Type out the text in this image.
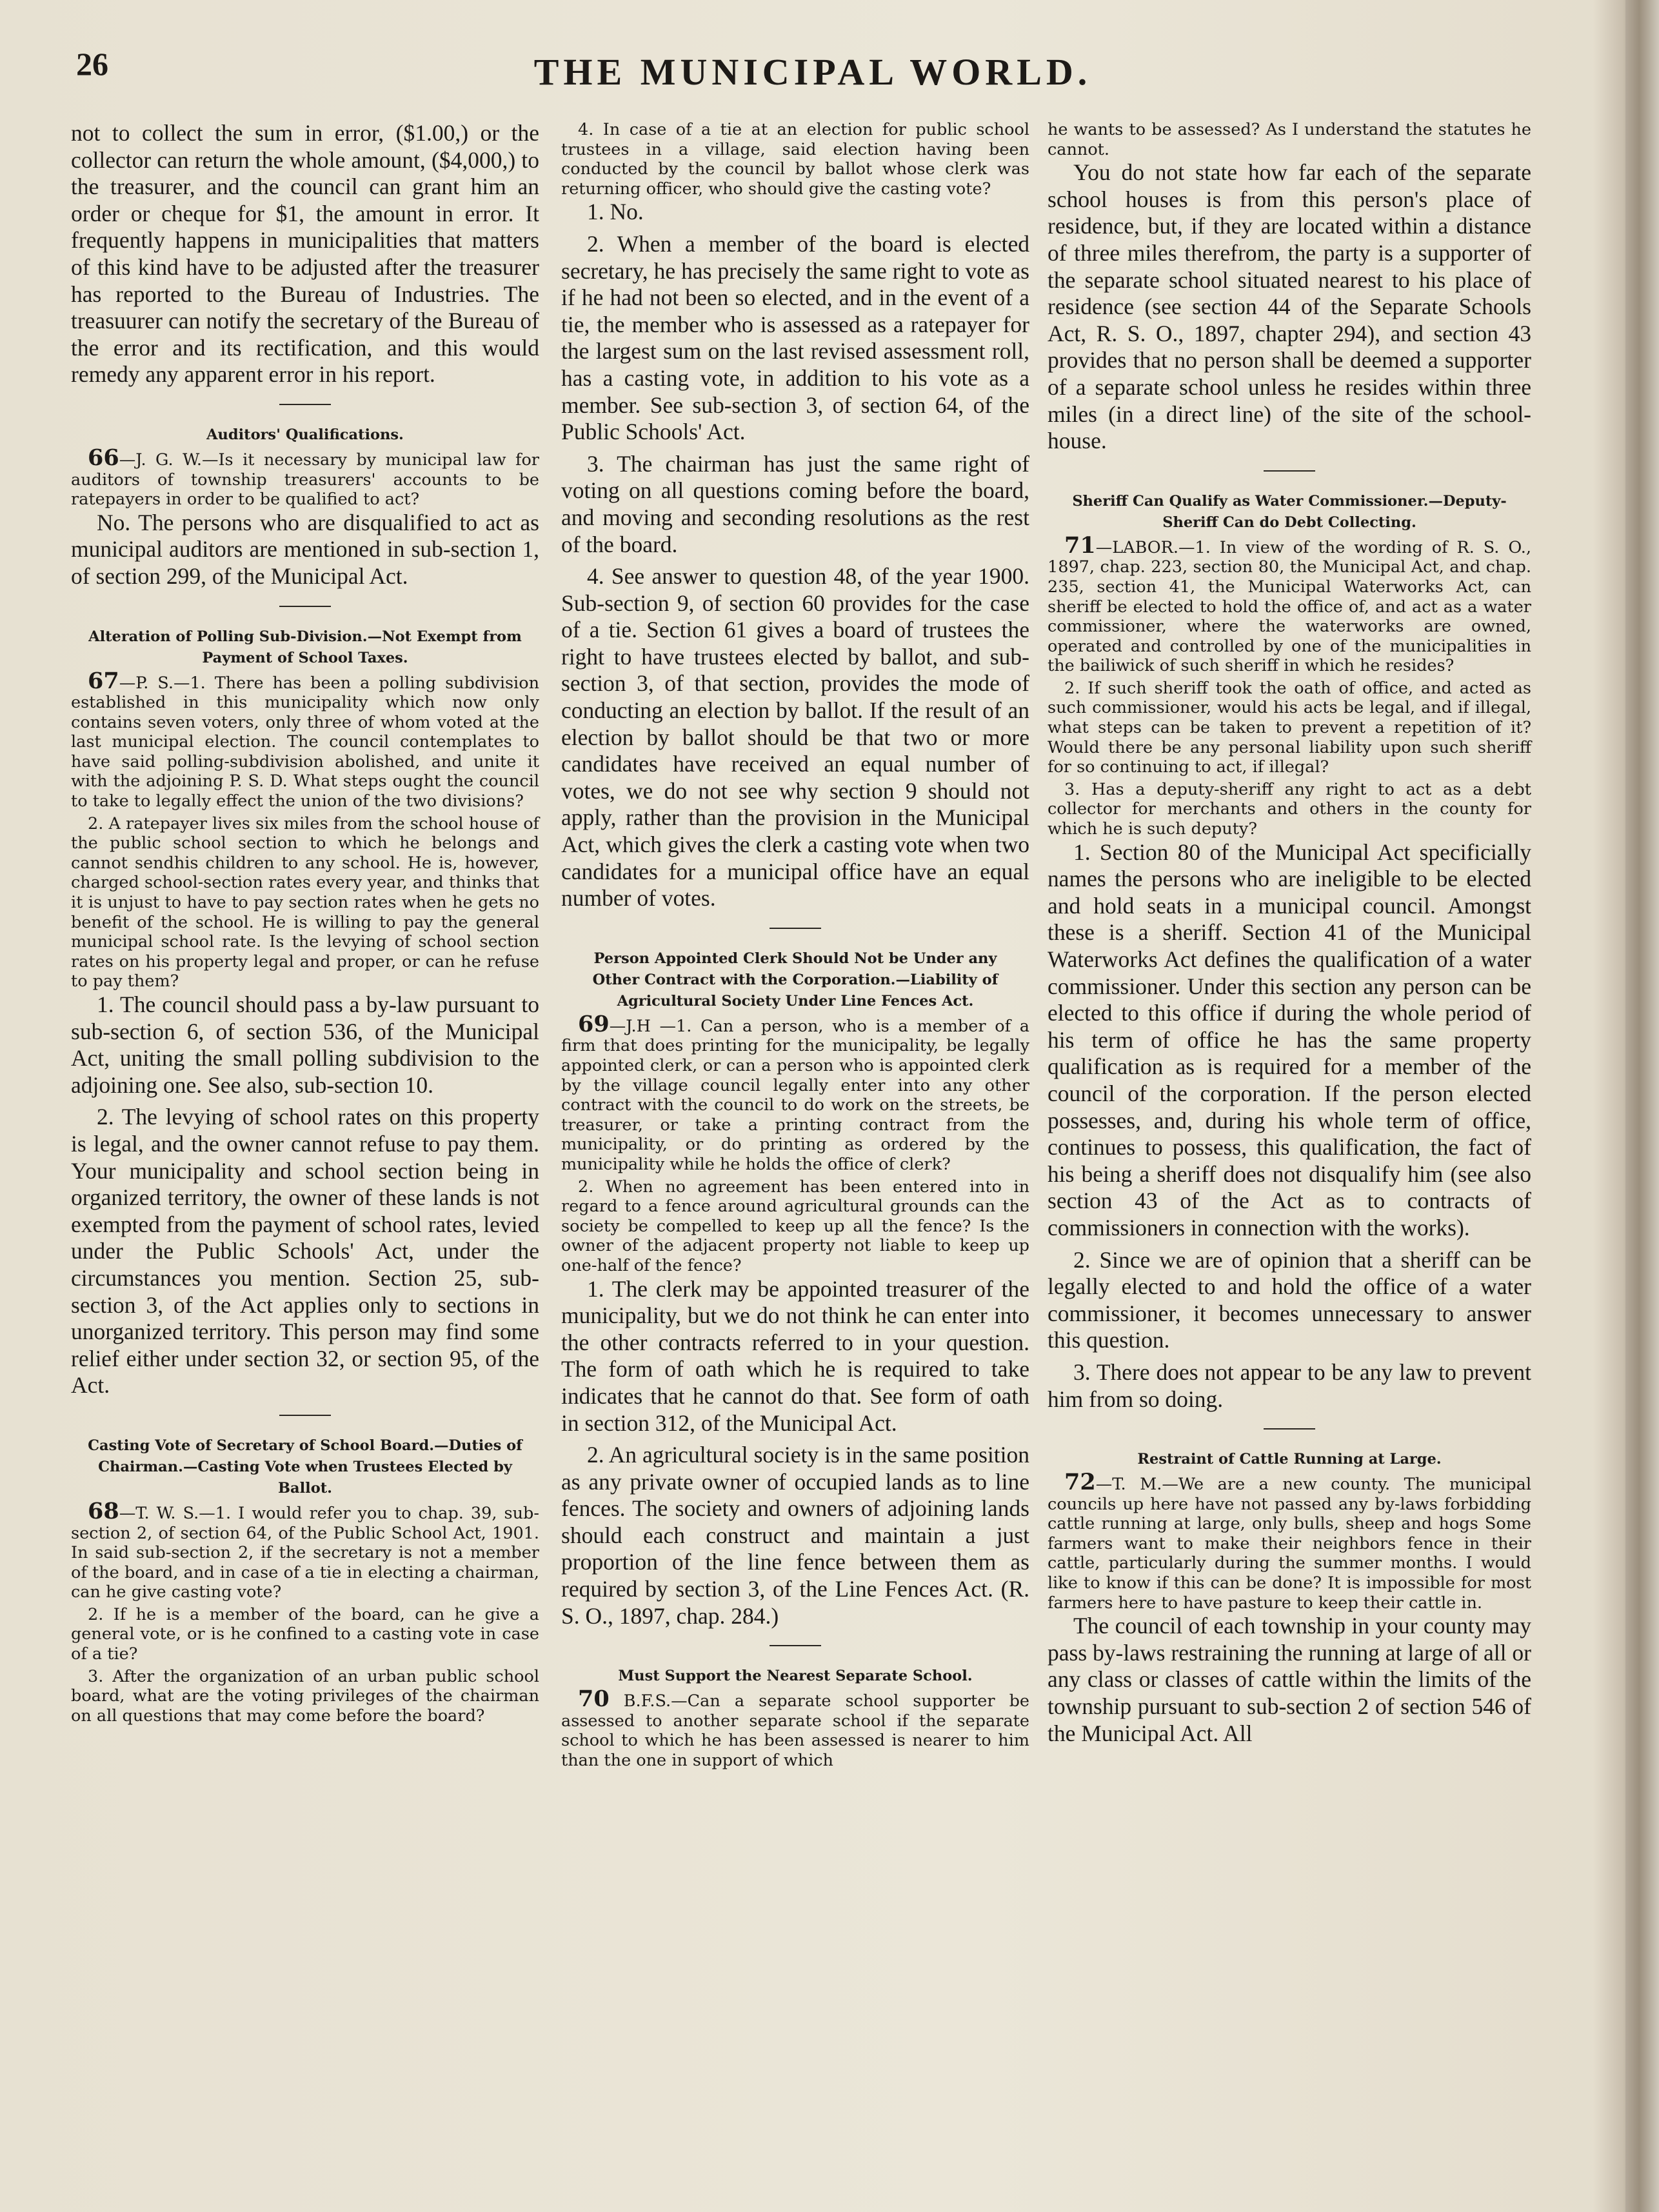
26	THE MUNICIPAL WORLD.

not to collect the sum in error, ($1.00,) or the collector can return the whole amount, ($4,000,) to the treasurer, and the council can grant him an order or cheque for $1, the amount in error. It frequently happens in municipalities that matters of this kind have to be adjusted after the treasurer has reported to the Bureau of Industries. The treasuurer can notify the secretary of the Bureau of the error and its rectification, and this would remedy any apparent error in his report.

Auditors' Qualifications.

66—J. G. W.—Is it necessary by municipal law for auditors of township treasurers' accounts to be ratepayers in order to be qualified to act?

No. The persons who are disqualified to act as municipal auditors are mentioned in sub-section 1, of section 299, of the Municipal Act.

Alteration of Polling Sub-Division.—Not Exempt from Payment of School Taxes.

67—P. S.—1. There has been a polling subdivision established in this municipality which now only contains seven voters, only three of whom voted at the last municipal election. The council contemplates to have said polling-subdivision abolished, and unite it with the adjoining P. S. D. What steps ought the council to take to legally effect the union of the two divisions?

2. A ratepayer lives six miles from the school house of the public school section to which he belongs and cannot sendhis children to any school. He is, however, charged school-section rates every year, and thinks that it is unjust to have to pay section rates when he gets no benefit of the school. He is willing to pay the general municipal school rate. Is the levying of school section rates on his property legal and proper, or can he refuse to pay them?

1. The council should pass a by-law pursuant to sub-section 6, of section 536, of the Municipal Act, uniting the small polling subdivision to the adjoining one. See also, sub-section 10.

2. The levying of school rates on this property is legal, and the owner cannot refuse to pay them. Your municipality and school section being in organized territory, the owner of these lands is not exempted from the payment of school rates, levied under the Public Schools' Act, under the circumstances you mention. Section 25, sub-section 3, of the Act applies only to sections in unorganized territory. This person may find some relief either under section 32, or section 95, of the Act.

Casting Vote of Secretary of School Board.—Duties of Chairman.—Casting Vote when Trustees Elected by Ballot.

68—T. W. S.—1. I would refer you to chap. 39, sub-section 2, of section 64, of the Public School Act, 1901. In said sub-section 2, if the secretary is not a member of the board, and in case of a tie in electing a chairman, can he give casting vote?

2. If he is a member of the board, can he give a general vote, or is he confined to a casting vote in case of a tie?

3. After the organization of an urban public school board, what are the voting privileges of the chairman on all questions that may come before the board?

4. In case of a tie at an election for public school trustees in a village, said election having been conducted by the council by ballot whose clerk was returning officer, who should give the casting vote?

1. No.

2. When a member of the board is elected secretary, he has precisely the same right to vote as if he had not been so elected, and in the event of a tie, the member who is assessed as a ratepayer for the largest sum on the last revised assessment roll, has a casting vote, in addition to his vote as a member. See sub-section 3, of section 64, of the Public Schools' Act.

3. The chairman has just the same right of voting on all questions coming before the board, and moving and seconding resolutions as the rest of the board.

4. See answer to question 48, of the year 1900. Sub-section 9, of section 60 provides for the case of a tie. Section 61 gives a board of trustees the right to have trustees elected by ballot, and sub-section 3, of that section, provides the mode of conducting an election by ballot. If the result of an election by ballot should be that two or more candidates have received an equal number of votes, we do not see why section 9 should not apply, rather than the provision in the Municipal Act, which gives the clerk a casting vote when two candidates for a municipal office have an equal number of votes.

Person Appointed Clerk Should Not be Under any Other Contract with the Corporation.—Liability of Agricultural Society Under Line Fences Act.

69—J.H —1. Can a person, who is a member of a firm that does printing for the municipality, be legally appointed clerk, or can a person who is appointed clerk by the village council legally enter into any other contract with the council to do work on the streets, be treasurer, or take a printing contract from the municipality, or do printing as ordered by the municipality while he holds the office of clerk?

2. When no agreement has been entered into in regard to a fence around agricultural grounds can the society be compelled to keep up all the fence? Is the owner of the adjacent property not liable to keep up one-half of the fence?

1. The clerk may be appointed treasurer of the municipality, but we do not think he can enter into the other contracts referred to in your question. The form of oath which he is required to take indicates that he cannot do that. See form of oath in section 312, of the Municipal Act.

2. An agricultural society is in the same position as any private owner of occupied lands as to line fences. The society and owners of adjoining lands should each construct and maintain a just proportion of the line fence between them as required by section 3, of the Line Fences Act. (R. S. O., 1897, chap. 284.)

Must Support the Nearest Separate School.

70 B.F.S.—Can a separate school supporter be assessed to another separate school if the separate school to which he has been assessed is nearer to him than the one in support of which

he wants to be assessed? As I understand the statutes he cannot.

You do not state how far each of the separate school houses is from this person's place of residence, but, if they are located within a distance of three miles therefrom, the party is a supporter of the separate school situated nearest to his place of residence (see section 44 of the Separate Schools Act, R. S. O., 1897, chapter 294), and section 43 provides that no person shall be deemed a supporter of a separate school unless he resides within three miles (in a direct line) of the site of the school-house.

Sheriff Can Qualify as Water Commissioner.—Deputy-Sheriff Can do Debt Collecting.

71—LABOR.—1. In view of the wording of R. S. O., 1897, chap. 223, section 80, the Municipal Act, and chap. 235, section 41, the Municipal Waterworks Act, can sheriff be elected to hold the office of, and act as a water commissioner, where the waterworks are owned, operated and controlled by one of the municipalities in the bailiwick of such sheriff in which he resides?

2. If such sheriff took the oath of office, and acted as such commissioner, would his acts be legal, and if illegal, what steps can be taken to prevent a repetition of it? Would there be any personal liability upon such sheriff for so continuing to act, if illegal?

3. Has a deputy-sheriff any right to act as a debt collector for merchants and others in the county for which he is such deputy?

1. Section 80 of the Municipal Act specificially names the persons who are ineligible to be elected and hold seats in a municipal council. Amongst these is a sheriff. Section 41 of the Municipal Waterworks Act defines the qualification of a water commissioner. Under this section any person can be elected to this office if during the whole period of his term of office he has the same property qualification as is required for a member of the council of the corporation. If the person elected possesses, and, during his whole term of office, continues to possess, this qualification, the fact of his being a sheriff does not disqualify him (see also section 43 of the Act as to contracts of commissioners in connection with the works).

2. Since we are of opinion that a sheriff can be legally elected to and hold the office of a water commissioner, it becomes unnecessary to answer this question.

3. There does not appear to be any law to prevent him from so doing.

Restraint of Cattle Running at Large.

72—T. M.—We are a new county. The municipal councils up here have not passed any by-laws forbidding cattle running at large, only bulls, sheep and hogs Some farmers want to make their neighbors fence in their cattle, particularly during the summer months. I would like to know if this can be done? It is impossible for most farmers here to have pasture to keep their cattle in.

The council of each township in your county may pass by-laws restraining the running at large of all or any class or classes of cattle within the limits of the township pursuant to sub-section 2 of section 546 of the Municipal Act. All
